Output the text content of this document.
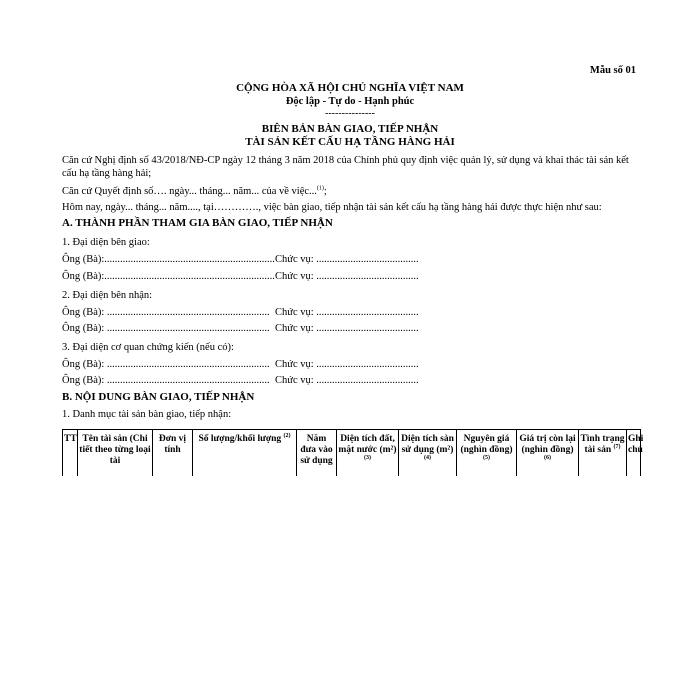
Mẫu số 01
CỘNG HÒA XÃ HỘI CHỦ NGHĨA VIỆT NAM
Độc lập - Tự do - Hạnh phúc
---------------
BIÊN BẢN BÀN GIAO, TIẾP NHẬN
TÀI SẢN KẾT CẤU HẠ TẦNG HÀNG HẢI
Căn cứ Nghị định số 43/2018/NĐ-CP ngày 12 tháng 3 năm 2018 của Chính phủ quy định việc quản lý, sử dụng và khai thác tài sản kết cấu hạ tầng hàng hải;
Căn cứ Quyết định số…. ngày... tháng... năm... của về việc...$^{(1)}$;
Hôm nay, ngày... tháng... năm...., tại…………., việc bàn giao, tiếp nhận tài sản kết cấu hạ tầng hàng hải được thực hiện như sau:
A. THÀNH PHẦN THAM GIA BÀN GIAO, TIẾP NHẬN
1. Đại diện bên giao:
Ông (Bà):................................................................. Chức vụ: .......................................
Ông (Bà):................................................................. Chức vụ: .......................................
2. Đại diện bên nhận:
Ông (Bà): .............................................................. Chức vụ: .......................................
Ông (Bà): .............................................................. Chức vụ: .......................................
3. Đại diện cơ quan chứng kiến (nếu có):
Ông (Bà): .............................................................. Chức vụ: .......................................
Ông (Bà): .............................................................. Chức vụ: .......................................
B. NỘI DUNG BÀN GIAO, TIẾP NHẬN
1. Danh mục tài sản bàn giao, tiếp nhận:
TT	Tên tài sản (Chi tiết theo từng loại tài	Đơn vị tính	Số lượng/khối lượng $^{(2)}$	Năm đưa vào sử dụng	Diện tích đất, mặt nước (m²) $^{(3)}$	Diện tích sàn sử dụng (m²) $^{(4)}$	Nguyên giá (nghìn đồng) $^{(5)}$	Giá trị còn lại (nghìn đồng) $^{(6)}$	Tình trạng tài sản $^{(7)}$	Ghi chú
